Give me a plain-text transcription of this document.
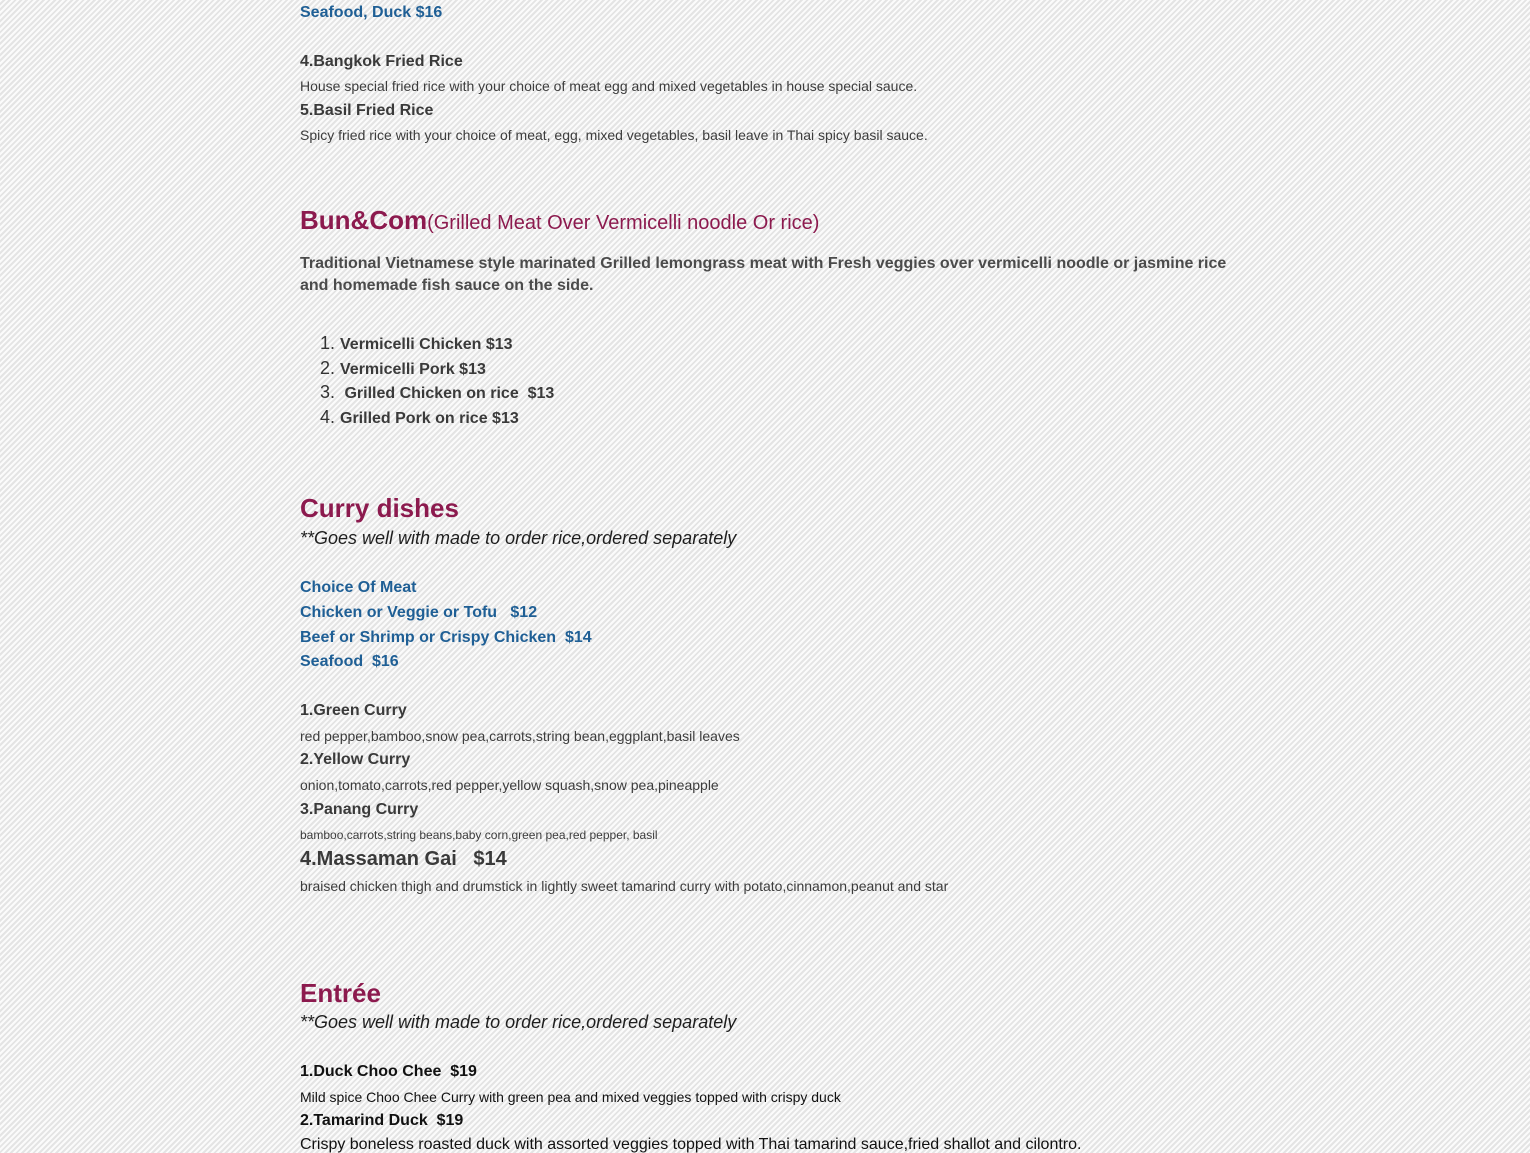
Seafood, Duck $16
4.Bangkok Fried Rice
House special fried rice with your choice of meat egg and mixed vegetables in house special sauce.
5.Basil Fried Rice
Spicy fried rice with your choice of meat, egg, mixed vegetables, basil leave in Thai spicy basil sauce.
Bun&Com(Grilled Meat Over Vermicelli noodle Or rice)
Traditional Vietnamese style marinated Grilled lemongrass meat with Fresh veggies over vermicelli noodle or jasmine rice and homemade fish sauce on the side.
1. Vermicelli Chicken $13
2. Vermicelli Pork $13
3. Grilled Chicken on rice  $13
4. Grilled Pork on rice $13
Curry dishes
**Goes well with made to order rice,ordered separately
Choice Of Meat
Chicken or Veggie or Tofu   $12
Beef or Shrimp or Crispy Chicken  $14
Seafood  $16
1.Green Curry
red pepper,bamboo,snow pea,carrots,string bean,eggplant,basil leaves
2.Yellow Curry
onion,tomato,carrots,red pepper,yellow squash,snow pea,pineapple
3.Panang Curry
bamboo,carrots,string beans,baby corn,green pea,red pepper, basil
4.Massaman Gai   $14
braised chicken thigh and drumstick in lightly sweet tamarind curry with potato,cinnamon,peanut and star
Entrée
**Goes well with made to order rice,ordered separately
1.Duck Choo Chee  $19
Mild spice Choo Chee Curry with green pea and mixed veggies topped with crispy duck
2.Tamarind Duck  $19
Crispy boneless roasted duck with assorted veggies topped with Thai tamarind sauce,fried shallot and cilontro.
